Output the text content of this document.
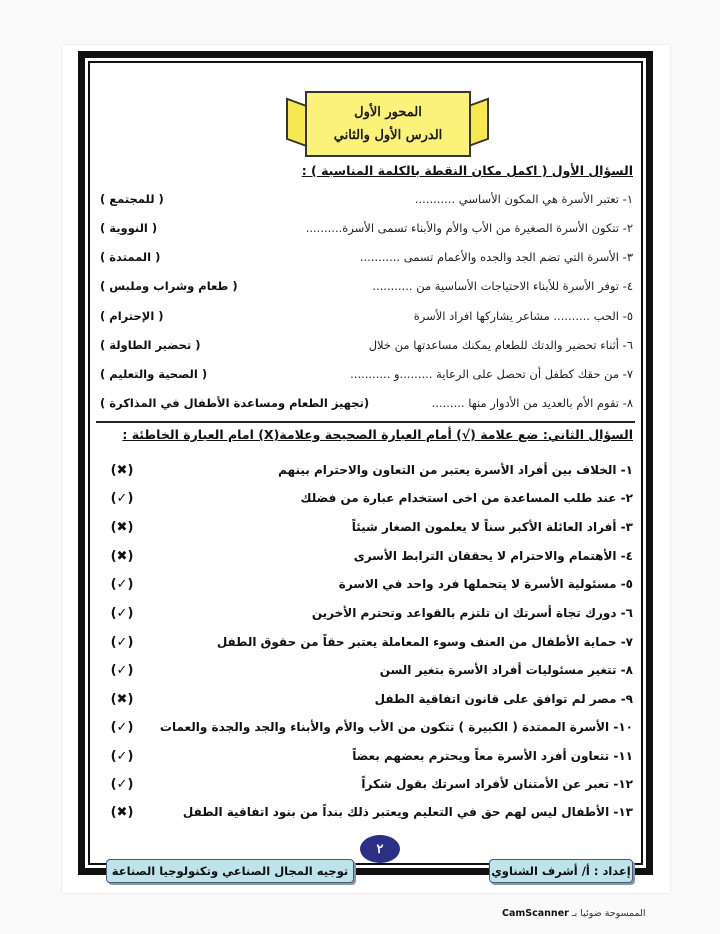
المحور الأول
الدرس الأول والثاني
السؤال الأول ( اكمل مكان النقطة بالكلمة المناسبة ) :
١- تعتبر الأسرة هي المكون الأساسي ...........
( للمجتمع )
٢- تتكون الأسرة الصغيرة من الأب والأم والأبناء تسمى الأسرة..........
( النووية )
٣- الأسرة التي تضم الجد والجده والأعمام تسمى ...........
( الممتدة )
٤- توفر الأسرة للأبناء الاحتياجات الأساسية من ...........
( طعام وشراب وملبس )
٥- الحب .......... مشاعر يشاركها افراد الأسرة
( الإحترام )
٦- أثناء تحضير والدتك للطعام يمكنك مساعدتها من خلال
( تحضير الطاولة )
٧- من حقك كطفل أن تحصل على الرعاية .........و ...........
( الصحية والتعليم )
٨- تقوم الأم بالعديد من الأدوار منها .........
(تجهيز الطعام ومساعدة الأطفال في المذاكرة )
السؤال الثاني: ضع علامة (√) أمام العبارة الصحيحة وعلامة(X) امام العبارة الخاطئة :
١- الخلاف بين أفراد الأسرة يعتبر من التعاون والاحترام بينهم
(✖)
٢- عند طلب المساعدة من اخى استخدام عبارة من فضلك
(✓)
٣- أفراد العائلة الأكبر سناً لا يعلمون الصغار شيئاً
(✖)
٤- الأهتمام والاحترام لا يحققان الترابط الأسرى
(✖)
٥- مسئولية الأسرة لا يتحملها فرد واحد في الاسرة
(✓)
٦- دورك تجاة أسرتك ان تلتزم بالقواعد وتحترم الأخرين
(✓)
٧- حماية الأطفال من العنف وسوء المعاملة يعتبر حقاً من حقوق الطفل
(✓)
٨- تتغير مسئوليات أفراد الأسرة بتغير السن
(✓)
٩- مصر لم توافق على قانون اتفاقية الطفل
(✖)
١٠- الأسرة الممتدة ( الكبيرة ) تتكون من الأب والأم والأبناء والجد والجدة والعمات
(✓)
١١- تتعاون أفرد الأسرة معاً ويحترم بعضهم بعضاً
(✓)
١٢- تعبر عن الأمتنان لأفراد اسرتك بقول شكراً
(✓)
١٣- الأطفال ليس لهم حق في التعليم ويعتبر ذلك بنداً من بنود اتفاقية الطفل
(✖)
٢
إعداد : أ/ أشرف الشناوي
توجيه المجال الصناعي وتكنولوجيا الصناعة
CamScanner الممسوحة ضوئيا بـ
